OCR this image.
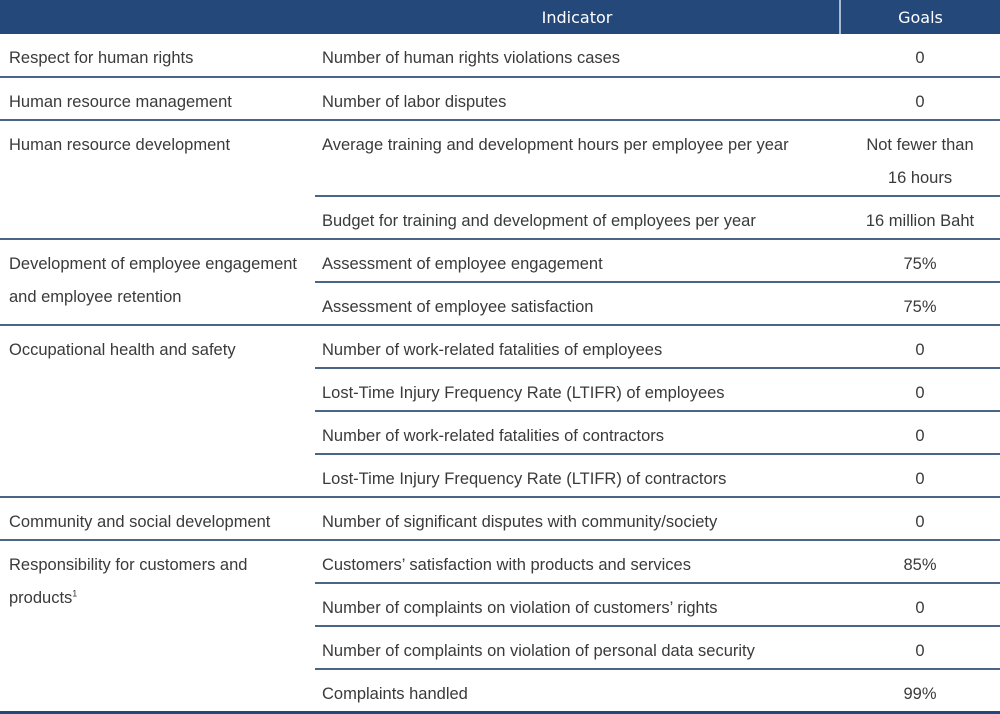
	Indicator	Goals
Respect for human rights	Number of human rights violations cases	0
Human resource management	Number of labor disputes	0
Human resource development	Average training and development hours per employee per year	Not fewer than 16 hours
	Budget for training and development of employees per year	16 million Baht
Development of employee engagement and employee retention	Assessment of employee engagement	75%
	Assessment of employee satisfaction	75%
Occupational health and safety	Number of work-related fatalities of employees	0
	Lost-Time Injury Frequency Rate (LTIFR) of employees	0
	Number of work-related fatalities of contractors	0
	Lost-Time Injury Frequency Rate (LTIFR) of contractors	0
Community and social development	Number of significant disputes with community/society	0
Responsibility for customers and products$^1$	Customers’ satisfaction with products and services	85%
	Number of complaints on violation of customers’ rights	0
	Number of complaints on violation of personal data security	0
	Complaints handled	99%
